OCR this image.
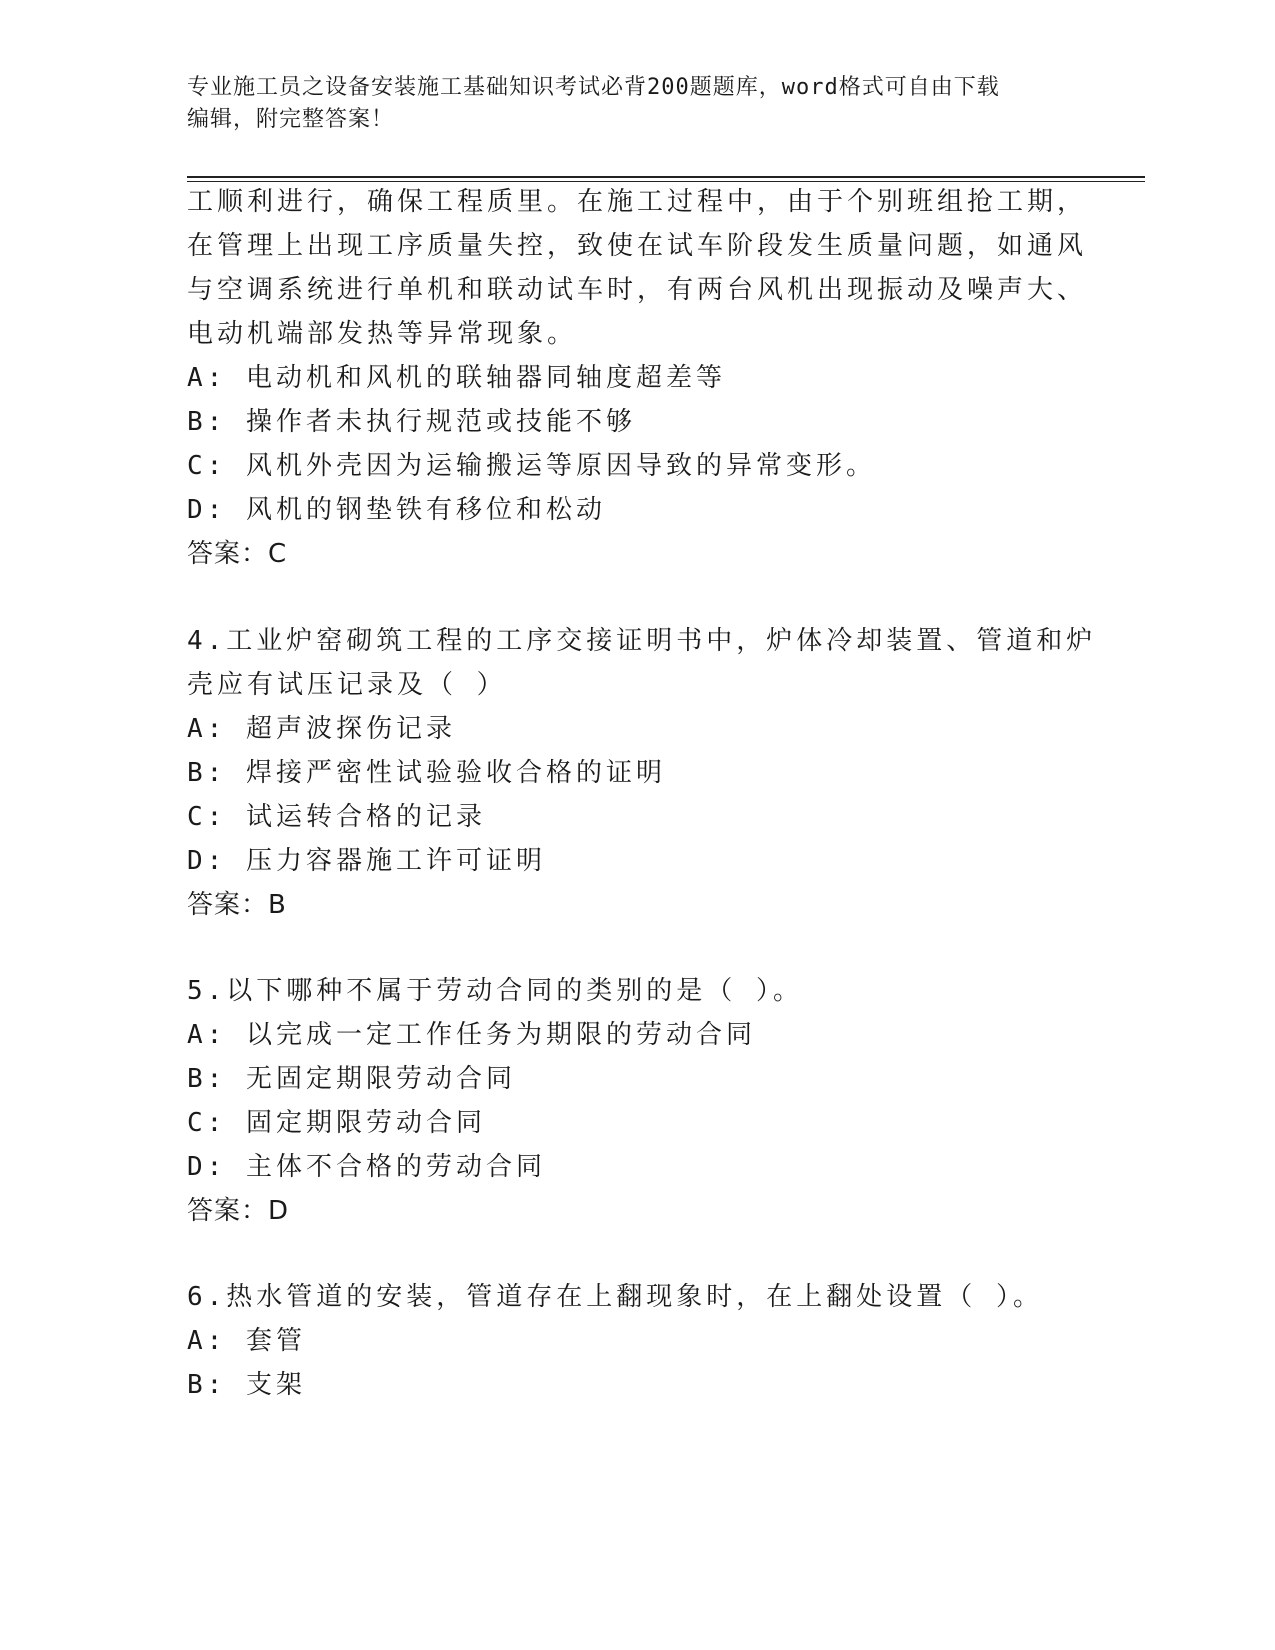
专业施工员之设备安装施工基础知识考试必背200题题库，word格式可自由下载
编辑，附完整答案！
工顺利进行，确保工程质里。在施工过程中，由于个别班组抢工期，
在管理上出现工序质量失控，致使在试车阶段发生质量问题，如通风
与空调系统进行单机和联动试车时，有两台风机出现振动及噪声大、
电动机端部发热等异常现象。
A: 电动机和风机的联轴器同轴度超差等
B: 操作者未执行规范或技能不够
C: 风机外壳因为运输搬运等原因导致的异常变形。
D: 风机的钢垫铁有移位和松动
答案：C
4.工业炉窑砌筑工程的工序交接证明书中，炉体冷却装置、管道和炉
壳应有试压记录及（ ）
A: 超声波探伤记录
B: 焊接严密性试验验收合格的证明
C: 试运转合格的记录
D: 压力容器施工许可证明
答案：B
5.以下哪种不属于劳动合同的类别的是（ ）。
A: 以完成一定工作任务为期限的劳动合同
B: 无固定期限劳动合同
C: 固定期限劳动合同
D: 主体不合格的劳动合同
答案：D
6.热水管道的安装，管道存在上翻现象时，在上翻处设置（ ）。
A: 套管
B: 支架
